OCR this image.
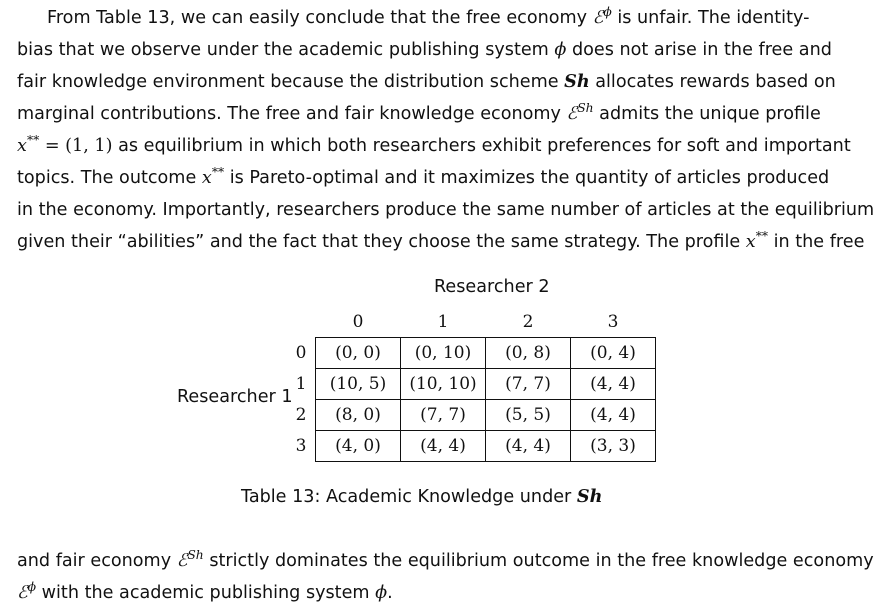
From Table 13, we can easily conclude that the free economy ℰ$^\phi$ is unfair. The identity-
bias that we observe under the academic publishing system ϕ does not arise in the free and
fair knowledge environment because the distribution scheme Sh allocates rewards based on
marginal contributions. The free and fair knowledge economy ℰ$^{Sh}$ admits the unique profile
x** = (1, 1) as equilibrium in which both researchers exhibit preferences for soft and important
topics. The outcome x** is Pareto-optimal and it maximizes the quantity of articles produced
in the economy. Importantly, researchers produce the same number of articles at the equilibrium
given their “abilities” and the fact that they choose the same strategy. The profile x** in the free
Researcher 2
Researcher 1
	0	1	2	3
0	(0, 0)	(0, 10)	(0, 8)	(0, 4)
1	(10, 5)	(10, 10)	(7, 7)	(4, 4)
2	(8, 0)	(7, 7)	(5, 5)	(4, 4)
3	(4, 0)	(4, 4)	(4, 4)	(3, 3)
Table 13: Academic Knowledge under Sh
and fair economy ℰ$^{Sh}$ strictly dominates the equilibrium outcome in the free knowledge economy
ℰ$^\phi$ with the academic publishing system ϕ.
